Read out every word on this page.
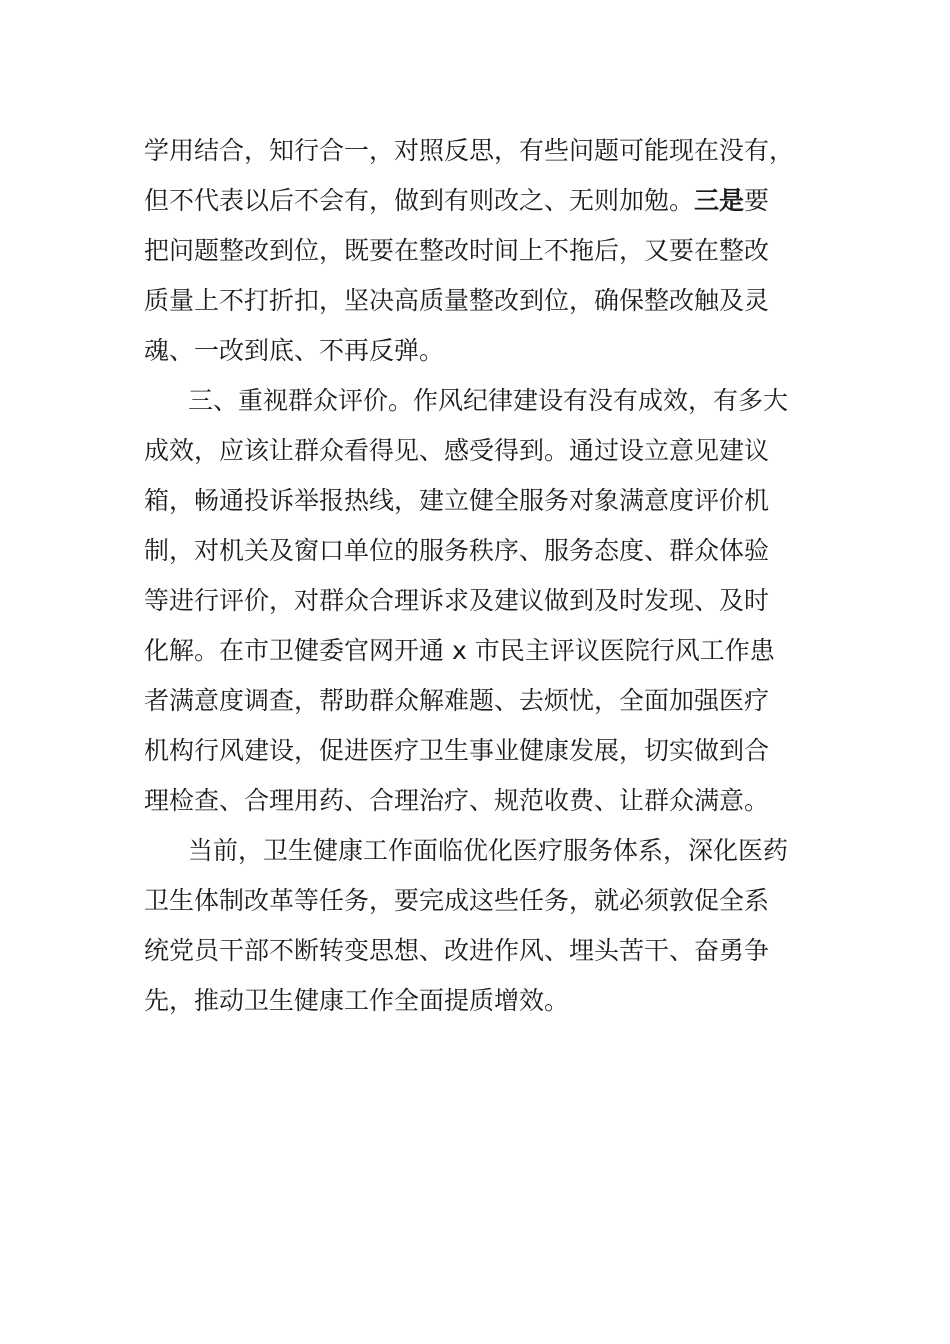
学用结合，知行合一，对照反思，有些问题可能现在没有，
但不代表以后不会有，做到有则改之、无则加勉。三是要
把问题整改到位，既要在整改时间上不拖后，又要在整改
质量上不打折扣，坚决高质量整改到位，确保整改触及灵
魂、一改到底、不再反弹。
三、重视群众评价。作风纪律建设有没有成效，有多大
成效，应该让群众看得见、感受得到。通过设立意见建议
箱，畅通投诉举报热线，建立健全服务对象满意度评价机
制，对机关及窗口单位的服务秩序、服务态度、群众体验
等进行评价，对群众合理诉求及建议做到及时发现、及时
化解。在市卫健委官网开通 x 市民主评议医院行风工作患
者满意度调查，帮助群众解难题、去烦忧，全面加强医疗
机构行风建设，促进医疗卫生事业健康发展，切实做到合
理检查、合理用药、合理治疗、规范收费、让群众满意。
当前，卫生健康工作面临优化医疗服务体系，深化医药
卫生体制改革等任务，要完成这些任务，就必须敦促全系
统党员干部不断转变思想、改进作风、埋头苦干、奋勇争
先，推动卫生健康工作全面提质增效。
